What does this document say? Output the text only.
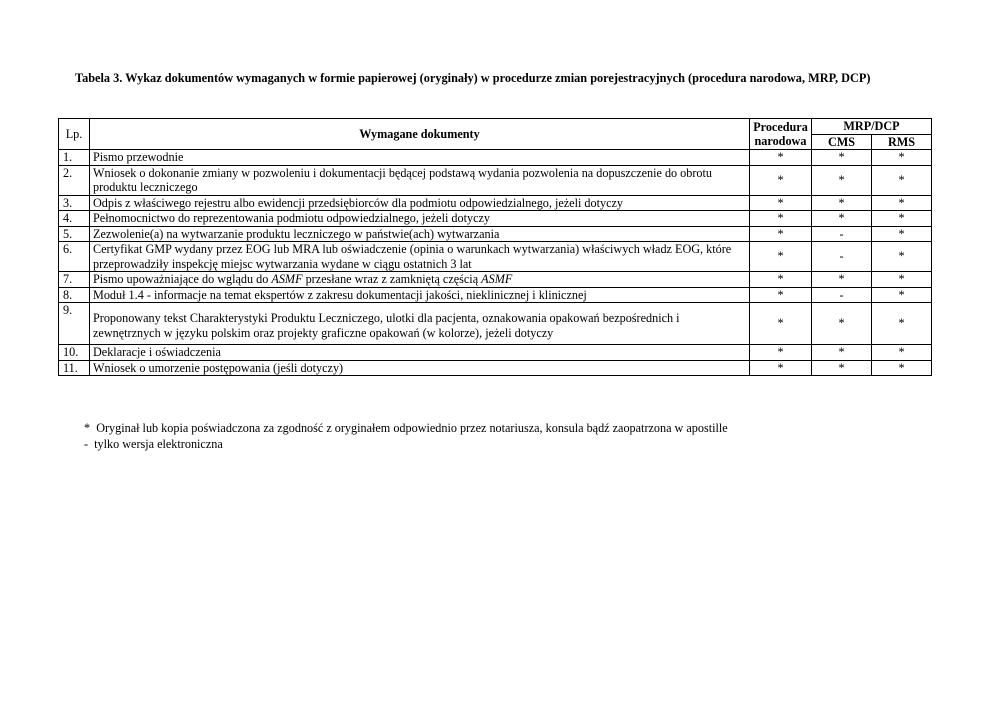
Tabela 3. Wykaz dokumentów wymaganych w formie papierowej (oryginały) w procedurze zmian porejestracyjnych (procedura narodowa, MRP, DCP)
Lp.	Wymagane dokumenty	Procedura narodowa	MRP/DCP	
			CMS	RMS
1.	Pismo przewodnie	*	*	*
2.	Wniosek o dokonanie zmiany w pozwoleniu i dokumentacji będącej podstawą wydania pozwolenia na dopuszczenie do obrotu produktu leczniczego	*	*	*
3.	Odpis z właściwego rejestru albo ewidencji przedsiębiorców dla podmiotu odpowiedzialnego, jeżeli dotyczy	*	*	*
4.	Pełnomocnictwo do reprezentowania podmiotu odpowiedzialnego, jeżeli dotyczy	*	*	*
5.	Zezwolenie(a) na wytwarzanie produktu leczniczego w państwie(ach) wytwarzania	*	-	*
6.	Certyfikat GMP wydany przez EOG lub MRA lub oświadczenie (opinia o warunkach wytwarzania) właściwych władz EOG, które przeprowadziły inspekcję miejsc wytwarzania wydane w ciągu ostatnich 3 lat	*	-	*
7.	Pismo upoważniające do wglądu do ASMF przesłane wraz z zamkniętą częścią ASMF	*	*	*
8.	Moduł 1.4 - informacje na temat ekspertów z zakresu dokumentacji jakości, nieklinicznej i klinicznej	*	-	*
9.	Proponowany tekst Charakterystyki Produktu Leczniczego, ulotki dla pacjenta, oznakowania opakowań bezpośrednich i zewnętrznych w języku polskim oraz projekty graficzne opakowań (w kolorze), jeżeli dotyczy	*	*	*
10.	Deklaracje i oświadczenia	*	*	*
11.	Wniosek o umorzenie postępowania (jeśli dotyczy)	*	*	*
*  Oryginał lub kopia poświadczona za zgodność z oryginałem odpowiednio przez notariusza, konsula bądź zaopatrzona w apostille
-  tylko wersja elektroniczna
